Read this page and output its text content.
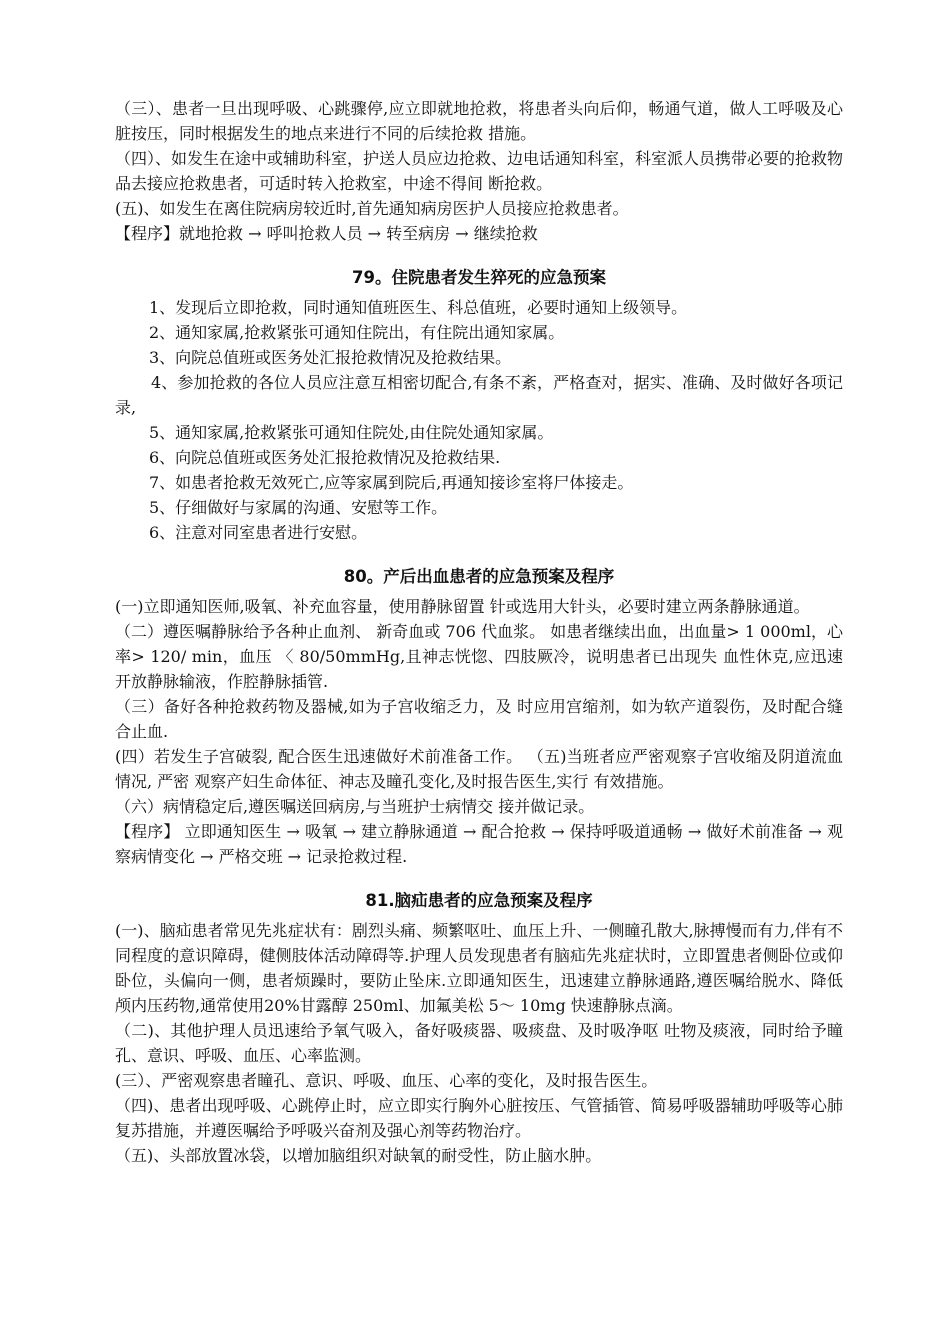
（三）、患者一旦出现呼吸、心跳骤停,应立即就地抢救，将患者头向后仰，畅通气道，做人工呼吸及心脏按压，同时根据发生的地点来进行不同的后续抢救 措施。

（四）、如发生在途中或辅助科室，护送人员应边抢救、边电话通知科室，科室派人员携带必要的抢救物品去接应抢救患者，可适时转入抢救室，中途不得间 断抢救。

(五)、如发生在离住院病房较近时,首先通知病房医护人员接应抢救患者。

【程序】就地抢救 → 呼叫抢救人员 → 转至病房 → 继续抢救

79。住院患者发生猝死的应急预案

1、发现后立即抢救，同时通知值班医生、科总值班，必要时通知上级领导。

2、通知家属,抢救紧张可通知住院出，有住院出通知家属。

3、向院总值班或医务处汇报抢救情况及抢救结果。

4、参加抢救的各位人员应注意互相密切配合,有条不紊，严格查对，据实、准确、及时做好各项记录,

5、通知家属,抢救紧张可通知住院处,由住院处通知家属。

6、向院总值班或医务处汇报抢救情况及抢救结果.

7、如患者抢救无效死亡,应等家属到院后,再通知接诊室将尸体接走。

5、仔细做好与家属的沟通、安慰等工作。

6、注意对同室患者进行安慰。

80。产后出血患者的应急预案及程序

(一)立即通知医师,吸氧、补充血容量，使用静脉留置 针或选用大针头，必要时建立两条静脉通道。

（二）遵医嘱静脉给予各种止血剂、 新奇血或 706 代血浆。 如患者继续出血，出血量> 1 000ml，心率> 120/ min，血压 〈 80/50mmHg,且神志恍惚、四肢厥冷，说明患者已出现失 血性休克,应迅速开放静脉输液，作腔静脉插管.

（三）备好各种抢救药物及器械,如为子宫收缩乏力，及 时应用宫缩剂，如为软产道裂伤，及时配合缝合止血.

(四）若发生子宫破裂, 配合医生迅速做好术前准备工作。 （五)当班者应严密观察子宫收缩及阴道流血情况, 严密 观察产妇生命体征、神志及瞳孔变化,及时报告医生,实行 有效措施。

（六）病情稳定后,遵医嘱送回病房,与当班护士病情交 接并做记录。

【程序】 立即通知医生 → 吸氧 → 建立静脉通道 → 配合抢救 → 保持呼吸道通畅 → 做好术前准备 → 观察病情变化 → 严格交班 → 记录抢救过程.

81.脑疝患者的应急预案及程序

(一)、脑疝患者常见先兆症状有：剧烈头痛、频繁呕吐、血压上升、一侧瞳孔散大,脉搏慢而有力,伴有不同程度的意识障碍，健侧肢体活动障碍等.护理人员发现患者有脑疝先兆症状时，立即置患者侧卧位或仰卧位，头偏向一侧，患者烦躁时，要防止坠床.立即通知医生，迅速建立静脉通路,遵医嘱给脱水、降低颅内压药物,通常使用20%甘露醇 250ml、加氟美松 5～ 10mg 快速静脉点滴。

（二)、其他护理人员迅速给予氧气吸入，备好吸痰器、吸痰盘、及时吸净呕 吐物及痰液，同时给予瞳孔、意识、呼吸、血压、心率监测。

(三）、严密观察患者瞳孔、意识、呼吸、血压、心率的变化，及时报告医生。

（四)、患者出现呼吸、心跳停止时，应立即实行胸外心脏按压、气管插管、简易呼吸器辅助呼吸等心肺复苏措施，并遵医嘱给予呼吸兴奋剂及强心剂等药物治疗。

（五)、头部放置冰袋，以增加脑组织对缺氧的耐受性，防止脑水肿。
